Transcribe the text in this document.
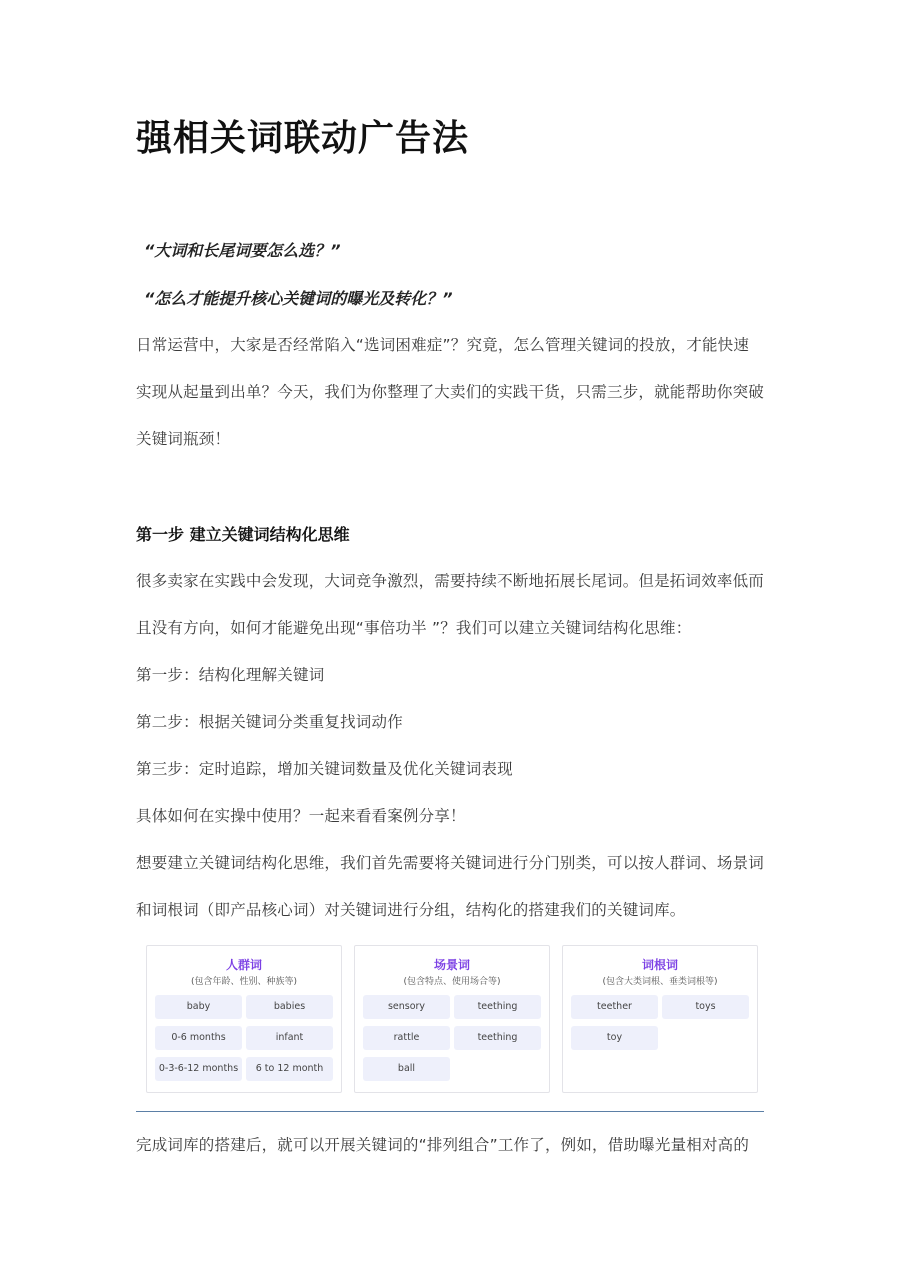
强相关词联动广告法
“大词和长尾词要怎么选？”
“怎么才能提升核心关键词的曝光及转化？”
日常运营中，大家是否经常陷入“选词困难症”？究竟，怎么管理关键词的投放，才能快速
实现从起量到出单？今天，我们为你整理了大卖们的实践干货，只需三步，就能帮助你突破
关键词瓶颈！
第一步 建立关键词结构化思维
很多卖家在实践中会发现，大词竞争激烈，需要持续不断地拓展长尾词。但是拓词效率低而
且没有方向，如何才能避免出现“事倍功半 ”？我们可以建立关键词结构化思维：
第一步：结构化理解关键词
第二步：根据关键词分类重复找词动作
第三步：定时追踪，增加关键词数量及优化关键词表现
具体如何在实操中使用？一起来看看案例分享！
想要建立关键词结构化思维，我们首先需要将关键词进行分门别类，可以按人群词、场景词
和词根词（即产品核心词）对关键词进行分组，结构化的搭建我们的关键词库。
人群词
(包含年龄、性别、种族等)
baby	babies
0-6 months	infant
0-3-6-12 months	6 to 12 month
场景词
(包含特点、使用场合等)
sensory	teething
rattle	teething
ball
词根词
(包含大类词根、垂类词根等)
teether	toys
toy
完成词库的搭建后，就可以开展关键词的“排列组合”工作了，例如，借助曝光量相对高的
